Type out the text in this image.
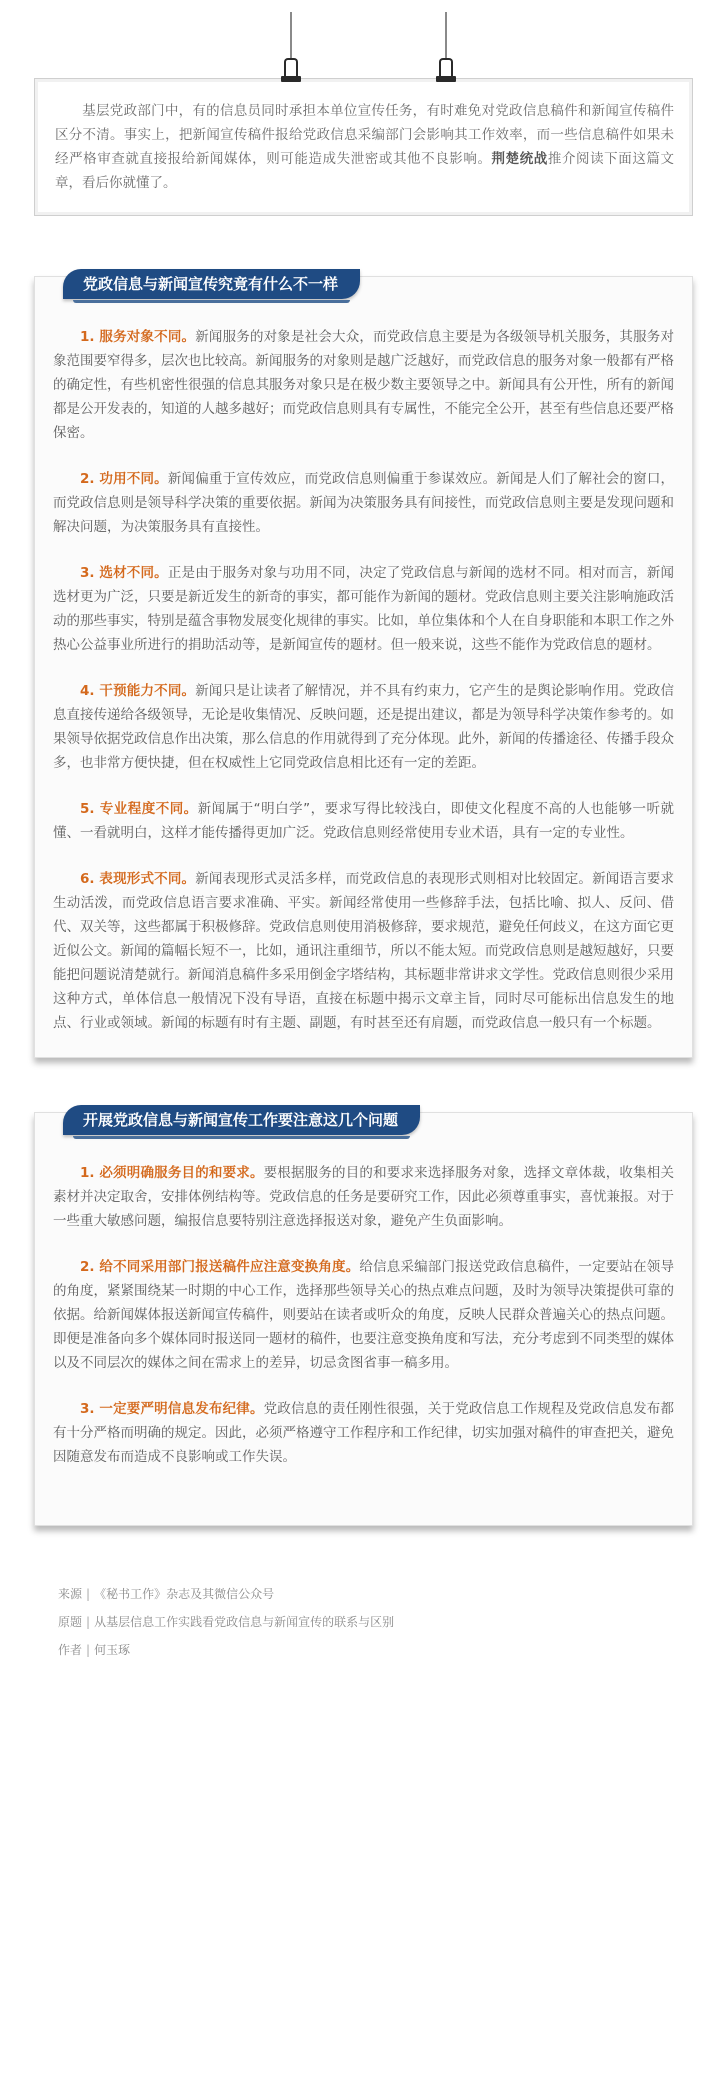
基层党政部门中，有的信息员同时承担本单位宣传任务，有时难免对党政信息稿件和新闻宣传稿件区分不清。事实上，把新闻宣传稿件报给党政信息采编部门会影响其工作效率，而一些信息稿件如果未经严格审查就直接报给新闻媒体，则可能造成失泄密或其他不良影响。荆楚统战推介阅读下面这篇文章，看后你就懂了。
党政信息与新闻宣传究竟有什么不一样

1. 服务对象不同。新闻服务的对象是社会大众，而党政信息主要是为各级领导机关服务，其服务对象范围要窄得多，层次也比较高。新闻服务的对象则是越广泛越好，而党政信息的服务对象一般都有严格的确定性，有些机密性很强的信息其服务对象只是在极少数主要领导之中。新闻具有公开性，所有的新闻都是公开发表的，知道的人越多越好；而党政信息则具有专属性，不能完全公开，甚至有些信息还要严格保密。

2. 功用不同。新闻偏重于宣传效应，而党政信息则偏重于参谋效应。新闻是人们了解社会的窗口，而党政信息则是领导科学决策的重要依据。新闻为决策服务具有间接性，而党政信息则主要是发现问题和解决问题，为决策服务具有直接性。

3. 选材不同。正是由于服务对象与功用不同，决定了党政信息与新闻的选材不同。相对而言，新闻选材更为广泛，只要是新近发生的新奇的事实，都可能作为新闻的题材。党政信息则主要关注影响施政活动的那些事实，特别是蕴含事物发展变化规律的事实。比如，单位集体和个人在自身职能和本职工作之外热心公益事业所进行的捐助活动等，是新闻宣传的题材。但一般来说，这些不能作为党政信息的题材。

4. 干预能力不同。新闻只是让读者了解情况，并不具有约束力，它产生的是舆论影响作用。党政信息直接传递给各级领导，无论是收集情况、反映问题，还是提出建议，都是为领导科学决策作参考的。如果领导依据党政信息作出决策，那么信息的作用就得到了充分体现。此外，新闻的传播途径、传播手段众多，也非常方便快捷，但在权威性上它同党政信息相比还有一定的差距。

5. 专业程度不同。新闻属于“明白学”，要求写得比较浅白，即使文化程度不高的人也能够一听就懂、一看就明白，这样才能传播得更加广泛。党政信息则经常使用专业术语，具有一定的专业性。

6. 表现形式不同。新闻表现形式灵活多样，而党政信息的表现形式则相对比较固定。新闻语言要求生动活泼，而党政信息语言要求准确、平实。新闻经常使用一些修辞手法，包括比喻、拟人、反问、借代、双关等，这些都属于积极修辞。党政信息则使用消极修辞，要求规范，避免任何歧义，在这方面它更近似公文。新闻的篇幅长短不一，比如，通讯注重细节，所以不能太短。而党政信息则是越短越好，只要能把问题说清楚就行。新闻消息稿件多采用倒金字塔结构，其标题非常讲求文学性。党政信息则很少采用这种方式，单体信息一般情况下没有导语，直接在标题中揭示文章主旨，同时尽可能标出信息发生的地点、行业或领域。新闻的标题有时有主题、副题，有时甚至还有肩题，而党政信息一般只有一个标题。

开展党政信息与新闻宣传工作要注意这几个问题

1. 必须明确服务目的和要求。要根据服务的目的和要求来选择服务对象，选择文章体裁，收集相关素材并决定取舍，安排体例结构等。党政信息的任务是要研究工作，因此必须尊重事实，喜忧兼报。对于一些重大敏感问题，编报信息要特别注意选择报送对象，避免产生负面影响。

2. 给不同采用部门报送稿件应注意变换角度。给信息采编部门报送党政信息稿件，一定要站在领导的角度，紧紧围绕某一时期的中心工作，选择那些领导关心的热点难点问题，及时为领导决策提供可靠的依据。给新闻媒体报送新闻宣传稿件，则要站在读者或听众的角度，反映人民群众普遍关心的热点问题。即便是准备向多个媒体同时报送同一题材的稿件，也要注意变换角度和写法，充分考虑到不同类型的媒体以及不同层次的媒体之间在需求上的差异，切忌贪图省事一稿多用。

3. 一定要严明信息发布纪律。党政信息的责任刚性很强，关于党政信息工作规程及党政信息发布都有十分严格而明确的规定。因此，必须严格遵守工作程序和工作纪律，切实加强对稿件的审查把关，避免因随意发布而造成不良影响或工作失误。

来源 | 《秘书工作》杂志及其微信公众号
原题 | 从基层信息工作实践看党政信息与新闻宣传的联系与区别
作者 | 何玉琢
